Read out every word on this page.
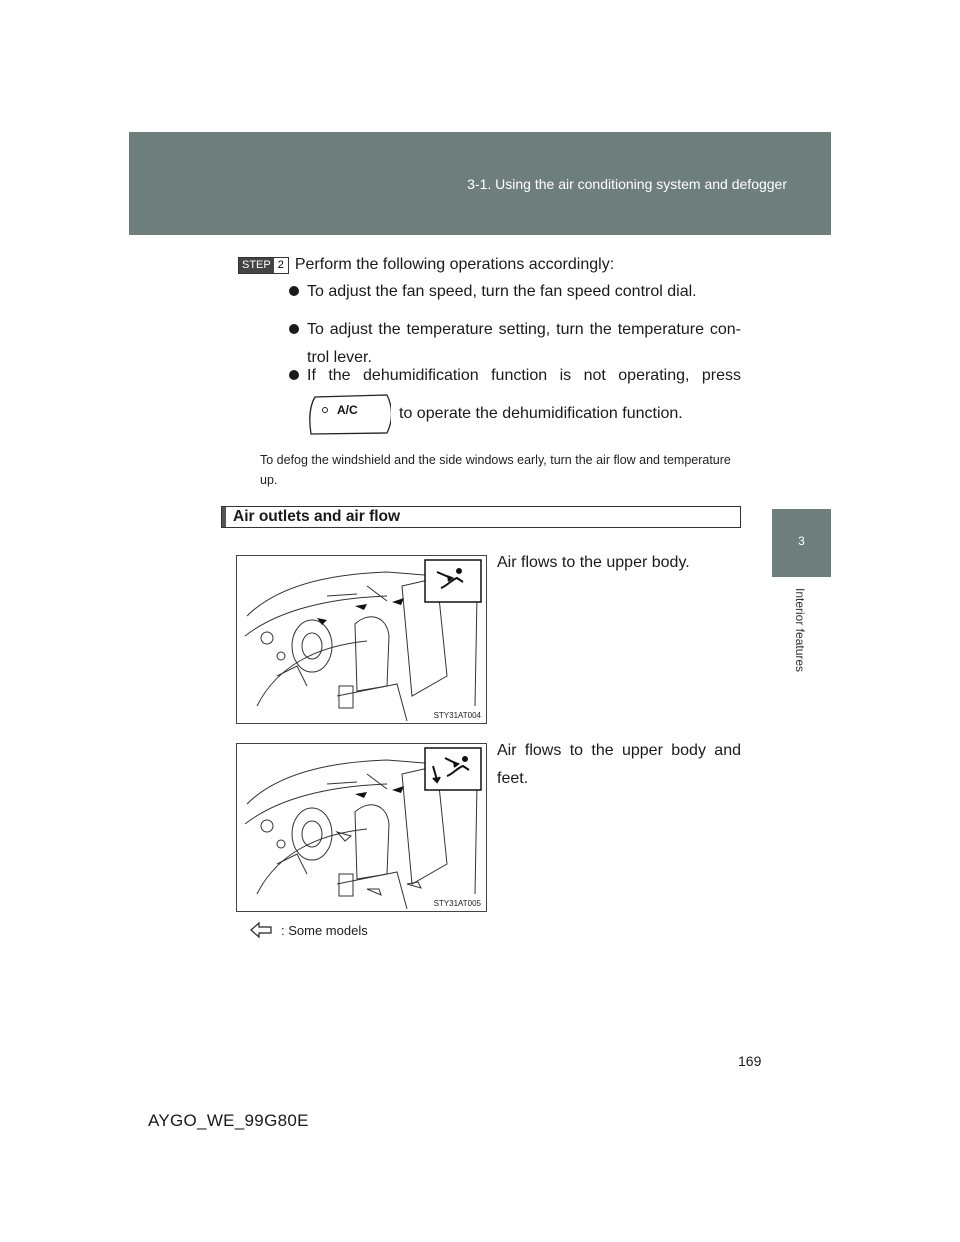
3-1. Using the air conditioning system and defogger
3
Interior features
STEP 2 Perform the following operations accordingly:
To adjust the fan speed, turn the fan speed control dial.
To adjust the temperature setting, turn the temperature con- trol lever.
If the dehumidification function is not operating, press
A/C	to operate the dehumidification function.
To defog the windshield and the side windows early, turn the air flow and temperature up.
Air outlets and air flow
STY31AT004
Air flows to the upper body.
STY31AT005
Air flows to the upper body and feet.
: Some models
169
AYGO_WE_99G80E
